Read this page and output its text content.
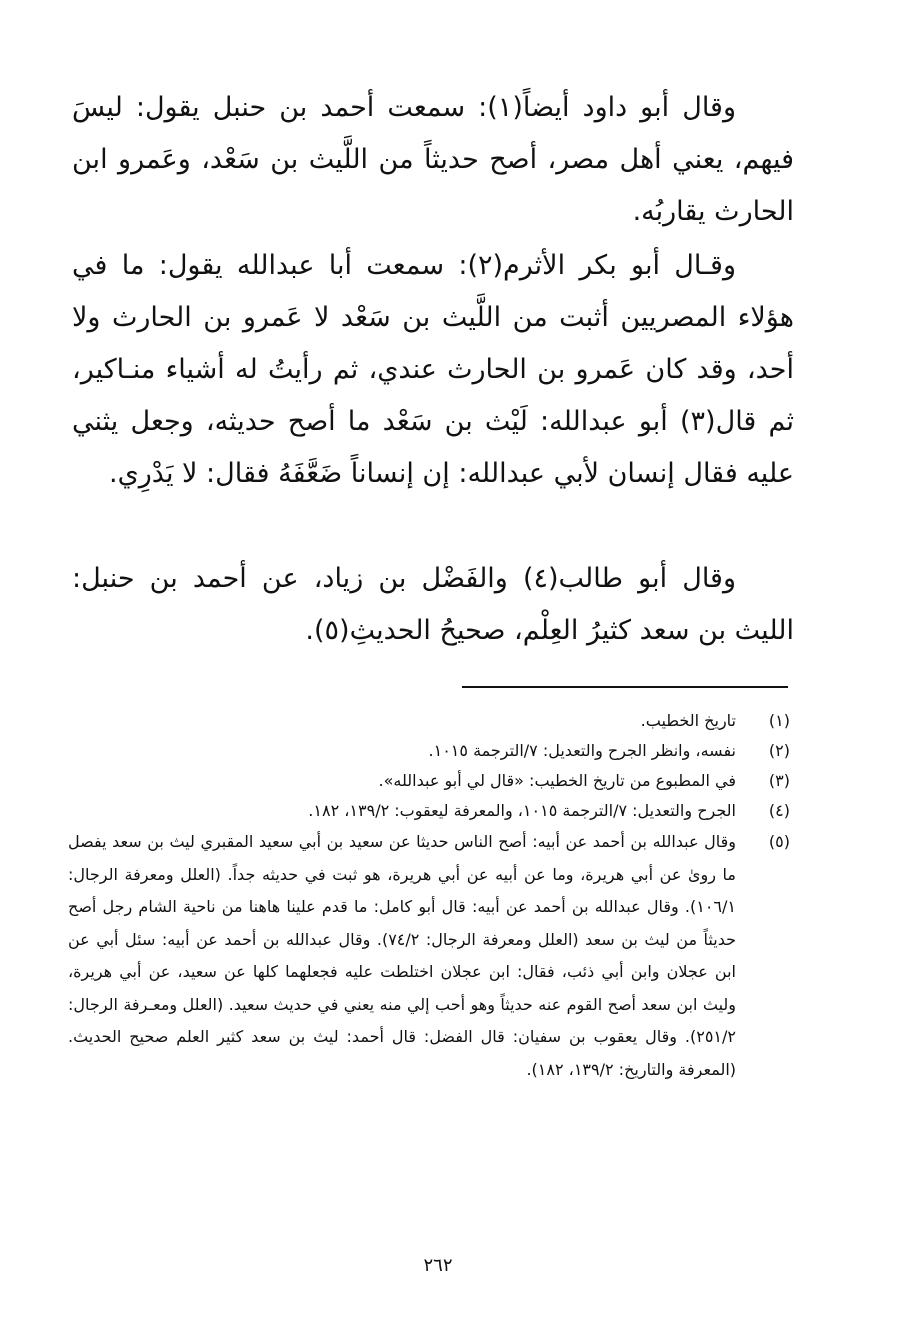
وقال أبو داود أيضاً(١): سمعت أحمد بن حنبل يقول: ليسَ فيهم، يعني أهل مصر، أصح حديثاً من اللَّيث بن سَعْد، وعَمرو ابن الحارث يقاربُه.

وقـال أبو بكر الأثرم(٢): سمعت أبا عبدالله يقول: ما في هؤلاء المصريين أثبت من اللَّيث بن سَعْد لا عَمرو بن الحارث ولا أحد، وقد كان عَمرو بن الحارث عندي، ثم رأيتُ له أشياء منـاكير، ثم قال(٣) أبو عبدالله: لَيْث بن سَعْد ما أصح حديثه، وجعل يثني عليه فقال إنسان لأبي عبدالله: إن إنساناً ضَعَّفَهُ فقال: لا يَدْرِي.

وقال أبو طالب(٤) والفَضْل بن زياد، عن أحمد بن حنبل: الليث بن سعد كثيرُ العِلْم، صحيحُ الحديثِ(٥).

(١)
تاريخ الخطيب.
(٢)
نفسه، وانظر الجرح والتعديل: ٧/الترجمة ١٠١٥.
(٣)
في المطبوع من تاريخ الخطيب: «قال لي أبو عبدالله».
(٤)
الجرح والتعديل: ٧/الترجمة ١٠١٥، والمعرفة ليعقوب: ١٣٩/٢، ١٨٢.
(٥)
وقال عبدالله بن أحمد عن أبيه: أصح الناس حديثا عن سعيد بن أبي سعيد المقبري ليث بن سعد يفصل ما روىٰ عن أبي هريرة، وما عن أبيه عن أبي هريرة، هو ثبت في حديثه جداً. (العلل ومعرفة الرجال: ١٠٦/١). وقال عبدالله بن أحمد عن أبيه: قال أبو كامل: ما قدم علينا هاهنا من ناحية الشام رجل أصح حديثاً من ليث بن سعد (العلل ومعرفة الرجال: ٧٤/٢). وقال عبدالله بن أحمد عن أبيه: سئل أبي عن ابن عجلان وابن أبي ذئب، فقال: ابن عجلان اختلطت عليه فجعلهما كلها عن سعيد، عن أبي هريرة، وليث ابن سعد أصح القوم عنه حديثاً وهو أحب إلي منه يعني في حديث سعيد. (العلل ومعـرفة الرجال: ٢٥١/٢). وقال يعقوب بن سفيان: قال الفضل: قال أحمد: ليث بن سعد كثير العلم صحيح الحديث. (المعرفة والتاريخ: ١٣٩/٢، ١٨٢).
٢٦٢
